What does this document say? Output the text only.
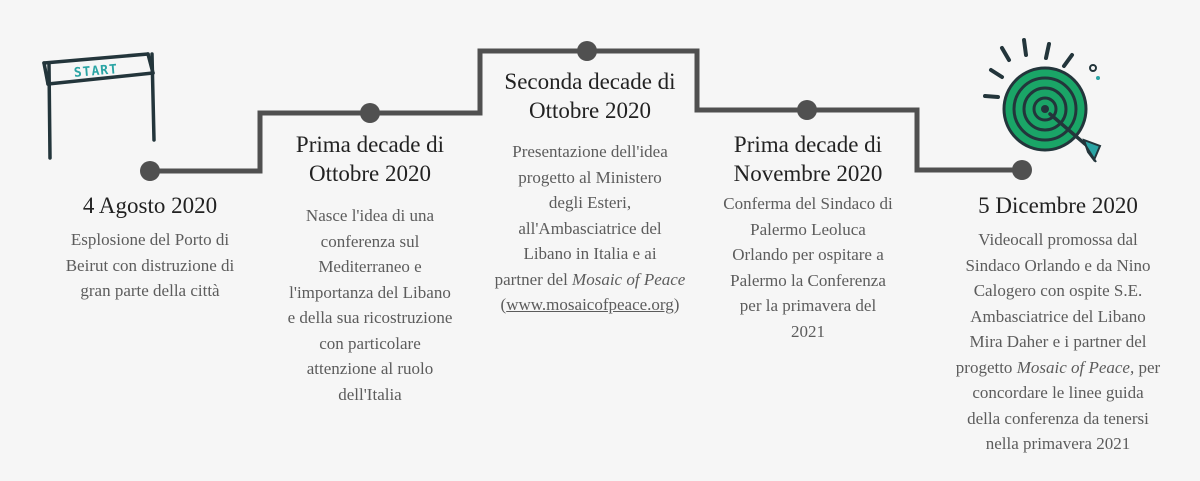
START
4 Agosto 2020
Esplosione del Porto di
Beirut con distruzione di
gran parte della città
Prima decade di
Ottobre 2020
Nasce l'idea di una
conferenza sul
Mediterraneo e
l'importanza del Libano
e della sua ricostruzione
con particolare
attenzione al ruolo
dell'Italia
Seconda decade di
Ottobre 2020
Presentazione dell'idea
progetto al Ministero
degli Esteri,
all'Ambasciatrice del
Libano in Italia e ai
partner del Mosaic of Peace
(www.mosaicofpeace.org)
Prima decade di
Novembre 2020
Conferma del Sindaco di
Palermo Leoluca
Orlando per ospitare a
Palermo la Conferenza
per la primavera del
2021
5 Dicembre 2020
Videocall promossa dal
Sindaco Orlando e da Nino
Calogero con ospite S.E.
Ambasciatrice del Libano
Mira Daher e i partner del
progetto Mosaic of Peace, per
concordare le linee guida
della conferenza da tenersi
nella primavera 2021
